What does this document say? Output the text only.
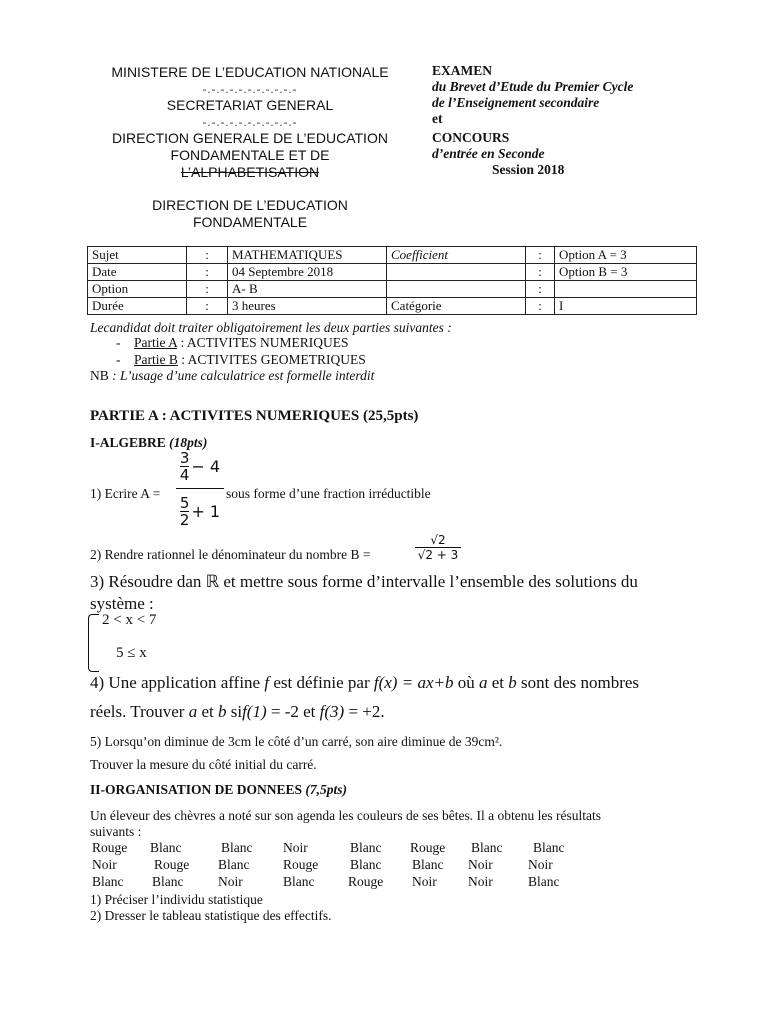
MINISTERE DE L’EDUCATION NATIONALE
-.-.-.-.-.-.-.-.-.-.-
SECRETARIAT GENERAL
-.-.-.-.-.-.-.-.-.-.-
DIRECTION GENERALE DE L’EDUCATION
FONDAMENTALE ET DE
L’ALPHABETISATION
DIRECTION DE L’EDUCATION
FONDAMENTALE
EXAMEN
du Brevet d’Etude du Premier Cycle
de l’Enseignement secondaire
et
CONCOURS
d’entrée en Seconde
Session 2018
Sujet	:	MATHEMATIQUES	Coefficient	:	Option A = 3
Date	:	04 Septembre 2018		:	Option B = 3
Option	:	A- B		:	
Durée	:	3 heures	Catégorie	:	I
Lecandidat doit traiter obligatoirement les deux parties suivantes :
- Partie A : ACTIVITES NUMERIQUES
- Partie B : ACTIVITES GEOMETRIQUES
NB : L’usage d’une calculatrice est formelle interdit
PARTIE A : ACTIVITES NUMERIQUES (25,5pts)
I-ALGEBRE (18pts)
1) Ecrire A =
$\frac{3}{4} - 4$
$\frac{5}{2} + 1$
sous forme d’une fraction irréductible
2) Rendre rationnel le dénominateur du nombre B =
√2
√2 + 3
3) Résoudre dan ℝ et mettre sous forme d’intervalle l’ensemble des solutions du
système :
2 < x < 7
5 ≤ x
4) Une application affine f est définie par f(x) = ax+b où a et b sont des nombres
réels. Trouver a et b sif(1) = -2 et f(3) = +2.
5) Lorsqu’on diminue de 3cm le côté d’un carré, son aire diminue de 39cm².
Trouver la mesure du côté initial du carré.
II-ORGANISATION DE DONNEES (7,5pts)
Un éleveur des chèvres a noté sur son agenda les couleurs de ses bêtes. Il a obtenu les résultats
suivants :
Rouge Blanc	Blanc Noir	Blanc Rouge Blanc Blanc
Noir	Rouge Blanc Rouge Blanc Blanc Noir	Noir
Blanc Blanc	Noir	Blanc Rouge Noir Noir	Blanc
1) Préciser l’individu statistique
2) Dresser le tableau statistique des effectifs.
